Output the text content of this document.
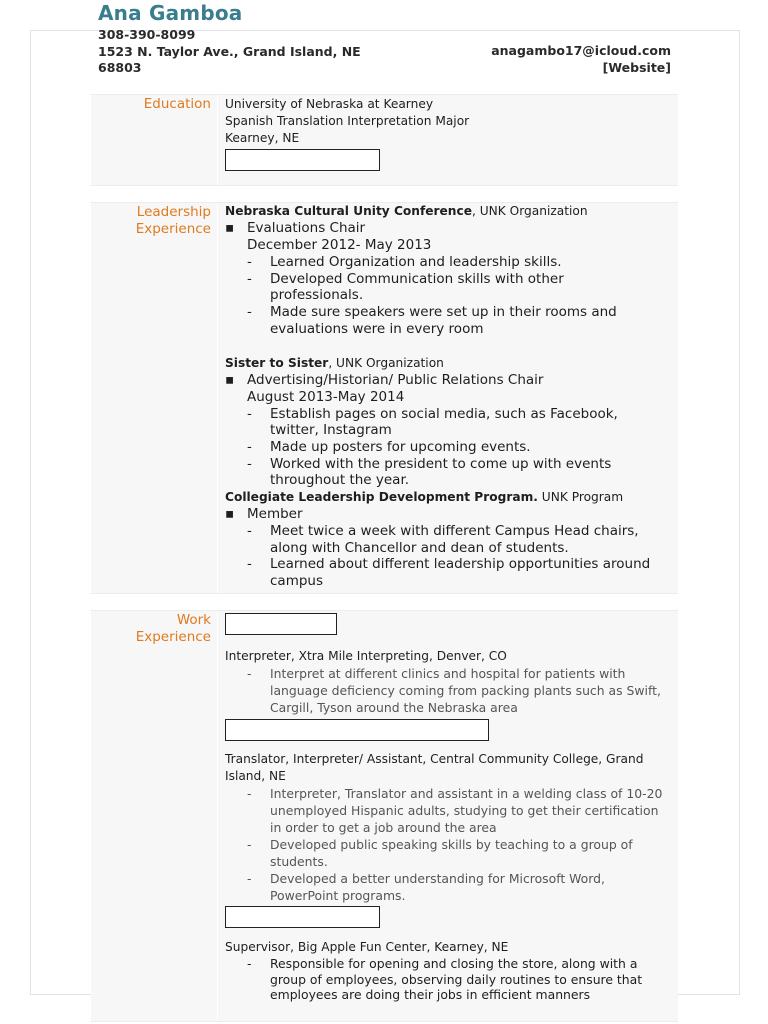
Ana Gamboa
308-390-8099
1523 N. Taylor Ave., Grand Island, NE
68803
anagambo17@icloud.com
[Website]
Education University of Nebraska at Kearney

Spanish Translation Interpretation Major

Kearney, NE

Leadership
Experience

Nebraska Cultural Unity Conference, UNK Organization

▪ Evaluations Chair
December 2012- May 2013
- Learned Organization and leadership skills.
- Developed Communication skills with other
professionals.
- Made sure speakers were set up in their rooms and
evaluations were in every room

Sister to Sister, UNK Organization

▪ Advertising/Historian/ Public Relations Chair
August 2013-May 2014
- Establish pages on social media, such as Facebook,
twitter, Instagram
- Made up posters for upcoming events.
- Worked with the president to come up with events
throughout the year.

Collegiate Leadership Development Program. UNK Program

▪ Member
- Meet twice a week with different Campus Head chairs,
along with Chancellor and dean of students.
- Learned about different leadership opportunities around
campus
Work
Experience

Interpreter, Xtra Mile Interpreting, Denver, CO

- Interpret at different clinics and hospital for patients with
language deficiency coming from packing plants such as Swift,
Cargill, Tyson around the Nebraska area

Translator, Interpreter/ Assistant, Central Community College, Grand

Island, NE

- Interpreter, Translator and assistant in a welding class of 10-20
unemployed Hispanic adults, studying to get their certification
in order to get a job around the area
- Developed public speaking skills by teaching to a group of
students.
- Developed a better understanding for Microsoft Word,
PowerPoint programs.

Supervisor, Big Apple Fun Center, Kearney, NE

- Responsible for opening and closing the store, along with a
group of employees, observing daily routines to ensure that
employees are doing their jobs in efficient manners
